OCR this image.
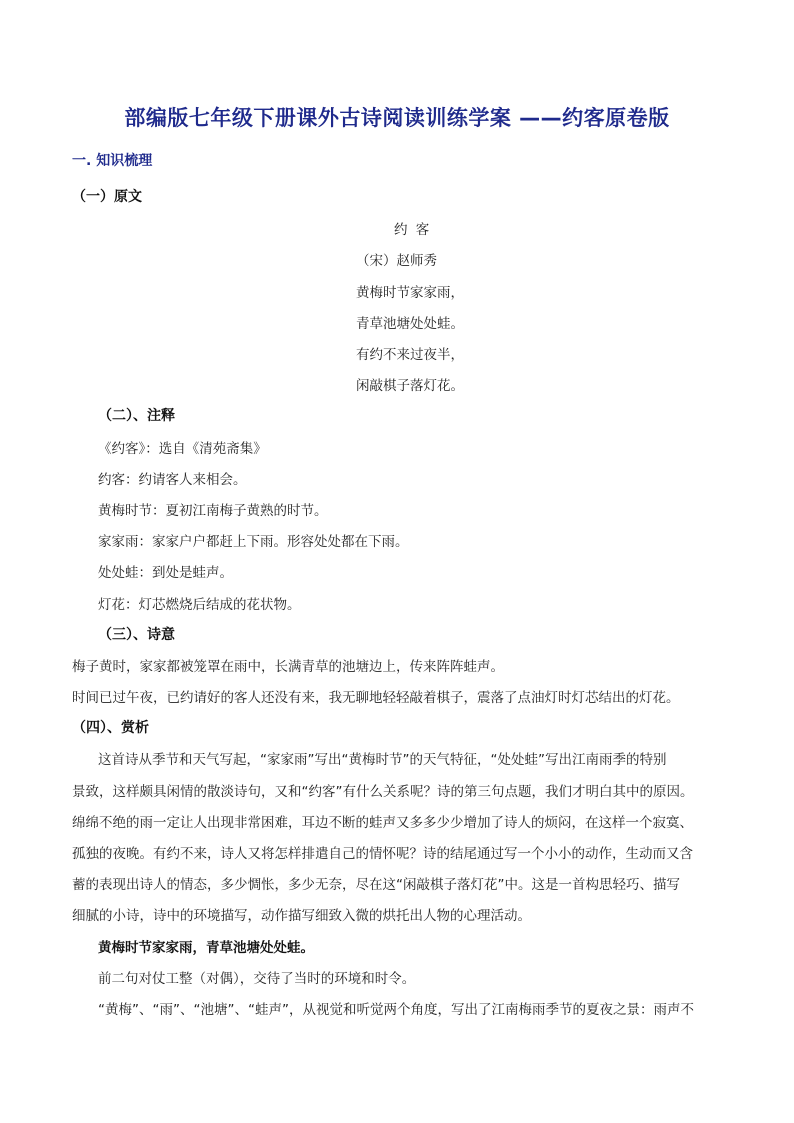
部编版七年级下册课外古诗阅读训练学案 ——约客原卷版
一. 知识梳理
（一）原文
约 客
（宋）赵师秀
黄梅时节家家雨，
青草池塘处处蛙。
有约不来过夜半，
闲敲棋子落灯花。
（二）、注释
《约客》：选自《清苑斋集》
约客：约请客人来相会。
黄梅时节：夏初江南梅子黄熟的时节。
家家雨：家家户户都赶上下雨。形容处处都在下雨。
处处蛙：到处是蛙声。
灯花：灯芯燃烧后结成的花状物。
（三）、诗意
梅子黄时，家家都被笼罩在雨中，长满青草的池塘边上，传来阵阵蛙声。
时间已过午夜，已约请好的客人还没有来，我无聊地轻轻敲着棋子，震落了点油灯时灯芯结出的灯花。
（四）、赏析
这首诗从季节和天气写起，“家家雨”写出“黄梅时节”的天气特征，“处处蛙”写出江南雨季的特别
景致，这样颇具闲情的散淡诗句，又和“约客”有什么关系呢？诗的第三句点题，我们才明白其中的原因。
绵绵不绝的雨一定让人出现非常困难，耳边不断的蛙声又多多少少增加了诗人的烦闷，在这样一个寂寞、
孤独的夜晚。有约不来，诗人又将怎样排遣自己的情怀呢？诗的结尾通过写一个小小的动作，生动而又含
蓄的表现出诗人的情态，多少惆怅，多少无奈，尽在这“闲敲棋子落灯花”中。这是一首构思轻巧、描写
细腻的小诗，诗中的环境描写，动作描写细致入微的烘托出人物的心理活动。
黄梅时节家家雨，青草池塘处处蛙。
前二句对仗工整（对偶），交待了当时的环境和时令。
“黄梅”、“雨”、“池塘”、“蛙声”，从视觉和听觉两个角度，写出了江南梅雨季节的夏夜之景：雨声不
